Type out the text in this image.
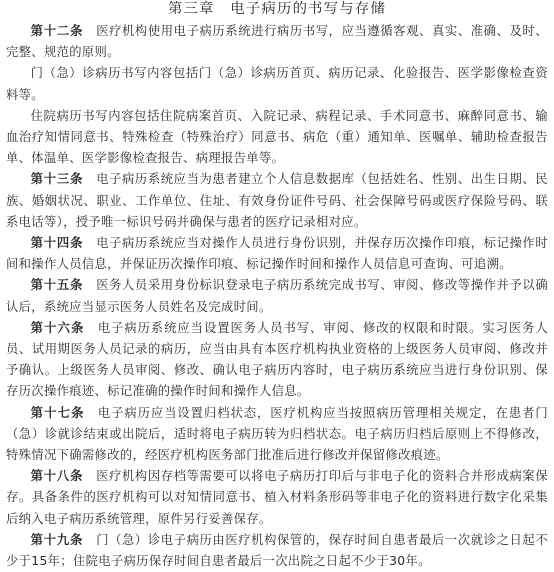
第三章　电子病历的书写与存储

第十二条　 医疗机构使用电子病历系统进行病历书写，应当遵循客观、真实、准确、及时、完整、规范的原则。

门（急）诊病历书写内容包括门（急）诊病历首页、病历记录、化验报告、医学影像检查资料等。

住院病历书写内容包括住院病案首页、入院记录、病程记录、手术同意书、麻醉同意书、输血治疗知情同意书、特殊检查（特殊治疗）同意书、病危（重）通知单、医嘱单、辅助检查报告单、体温单、医学影像检查报告、病理报告单等。

第十三条　 电子病历系统应当为患者建立个人信息数据库（包括姓名、性别、出生日期、民族、婚姻状况、职业、工作单位、住址、有效身份证件号码、社会保障号码或医疗保险号码、联系电话等），授予唯一标识号码并确保与患者的医疗记录相对应。

第十四条　 电子病历系统应当对操作人员进行身份识别，并保存历次操作印痕，标记操作时间和操作人员信息，并保证历次操作印痕、标记操作时间和操作人员信息可查询、可追溯。

第十五条　 医务人员采用身份标识登录电子病历系统完成书写、审阅、修改等操作并予以确认后，系统应当显示医务人员姓名及完成时间。

第十六条　 电子病历系统应当设置医务人员书写、审阅、修改的权限和时限。实习医务人员、试用期医务人员记录的病历，应当由具有本医疗机构执业资格的上级医务人员审阅、修改并予确认。上级医务人员审阅、修改、确认电子病历内容时，电子病历系统应当进行身份识别、保存历次操作痕迹、标记准确的操作时间和操作人信息。

第十七条　 电子病历应当设置归档状态，医疗机构应当按照病历管理相关规定，在患者门（急）诊就诊结束或出院后，适时将电子病历转为归档状态。电子病历归档后原则上不得修改，特殊情况下确需修改的，经医疗机构医务部门批准后进行修改并保留修改痕迹。

第十八条　 医疗机构因存档等需要可以将电子病历打印后与非电子化的资料合并形成病案保存。具备条件的医疗机构可以对知情同意书、植入材料条形码等非电子化的资料进行数字化采集后纳入电子病历系统管理，原件另行妥善保存。

第十九条　 门（急）诊电子病历由医疗机构保管的，保存时间自患者最后一次就诊之日起不少于15年；住院电子病历保存时间自患者最后一次出院之日起不少于30年。
